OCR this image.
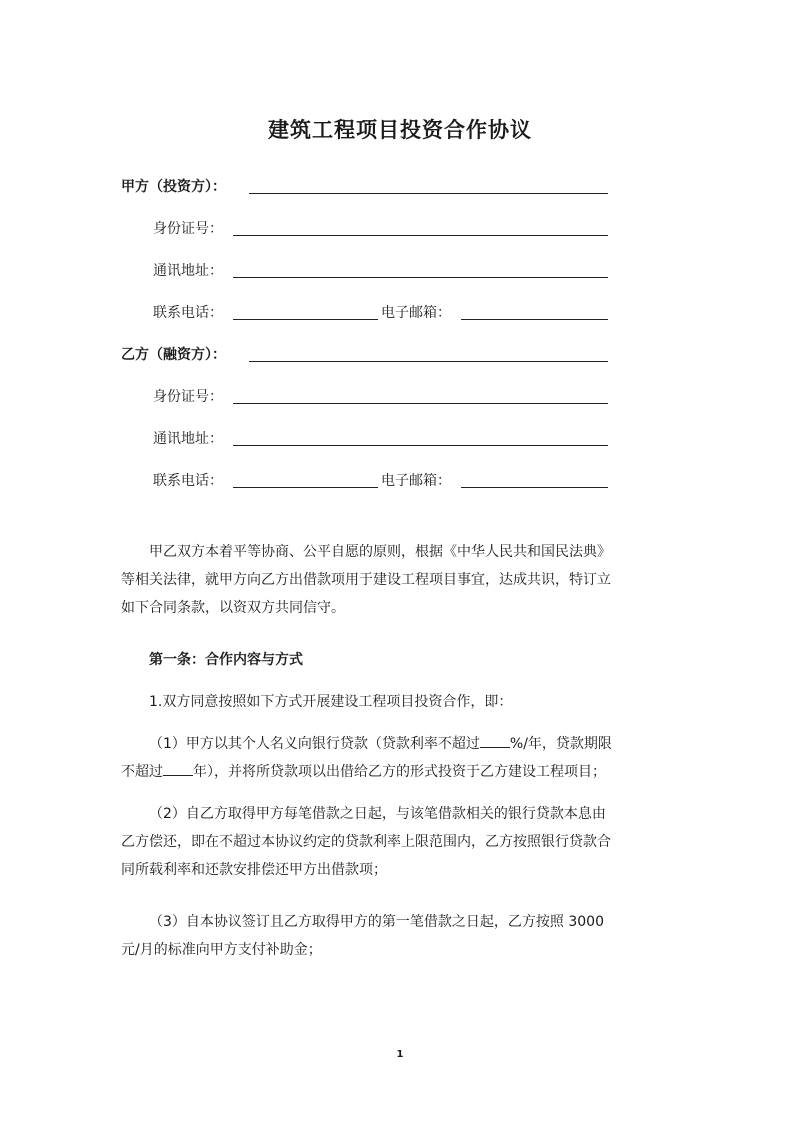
建筑工程项目投资合作协议
甲方（投资方）：
身份证号：
通讯地址：
联系电话：	电子邮箱：
乙方（融资方）：
身份证号：
通讯地址：
联系电话：	电子邮箱：
甲乙双方本着平等协商、公平自愿的原则，根据《中华人民共和国民法典》
等相关法律，就甲方向乙方出借款项用于建设工程项目事宜，达成共识，特订立
如下合同条款，以资双方共同信守。
第一条：合作内容与方式
1.双方同意按照如下方式开展建设工程项目投资合作，即：
（1）甲方以其个人名义向银行贷款（贷款利率不超过 %/年，贷款期限
不超过 年），并将所贷款项以出借给乙方的形式投资于乙方建设工程项目；
（2）自乙方取得甲方每笔借款之日起，与该笔借款相关的银行贷款本息由
乙方偿还，即在不超过本协议约定的贷款利率上限范围内，乙方按照银行贷款合
同所载利率和还款安排偿还甲方出借款项；
（3）自本协议签订且乙方取得甲方的第一笔借款之日起，乙方按照 3000
元/月的标准向甲方支付补助金；
1
